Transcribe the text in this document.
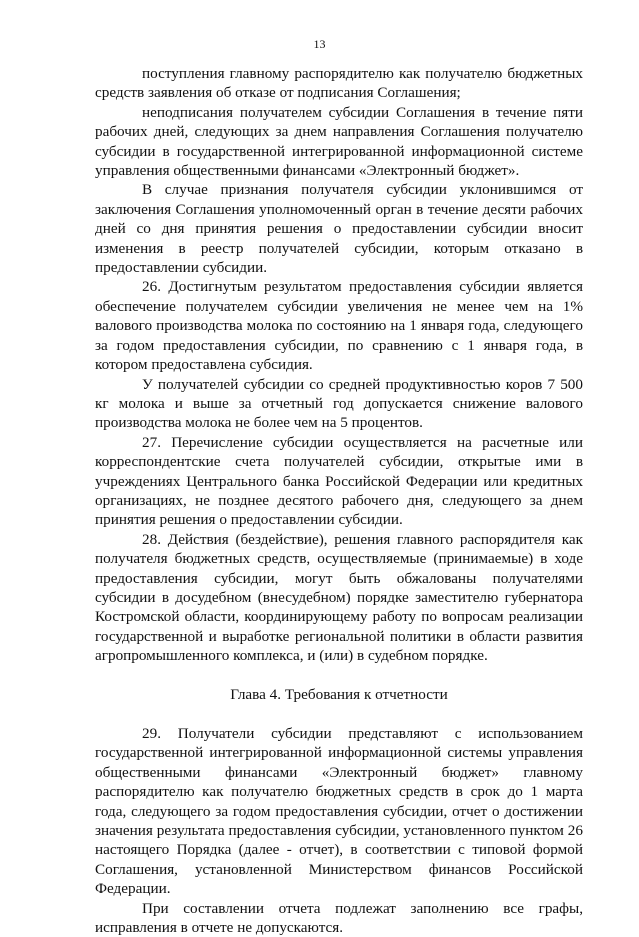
13

поступления главному распорядителю как получателю бюджетных средств заявления об отказе от подписания Соглашения;

неподписания получателем субсидии Соглашения в течение пяти рабочих дней, следующих за днем направления Соглашения получателю субсидии в государственной интегрированной информационной системе управления общественными финансами «Электронный бюджет».

В случае признания получателя субсидии уклонившимся от заключения Соглашения уполномоченный орган в течение десяти рабочих дней со дня принятия решения о предоставлении субсидии вносит изменения в реестр получателей субсидии, которым отказано в предоставлении субсидии.

26. Достигнутым результатом предоставления субсидии является обеспечение получателем субсидии увеличения не менее чем на 1% валового производства молока по состоянию на 1 января года, следующего за годом предоставления субсидии, по сравнению с 1 января года, в котором предоставлена субсидия.

У получателей субсидии со средней продуктивностью коров 7 500 кг молока и выше за отчетный год допускается снижение валового производства молока не более чем на 5 процентов.

27. Перечисление субсидии осуществляется на расчетные или корреспондентские счета получателей субсидии, открытые ими в учреждениях Центрального банка Российской Федерации или кредитных организациях, не позднее десятого рабочего дня, следующего за днем принятия решения о предоставлении субсидии.

28. Действия (бездействие), решения главного распорядителя как получателя бюджетных средств, осуществляемые (принимаемые) в ходе предоставления субсидии, могут быть обжалованы получателями субсидии в досудебном (внесудебном) порядке заместителю губернатора Костромской области, координирующему работу по вопросам реализации государственной и выработке региональной политики в области развития агропромышленного комплекса, и (или) в судебном порядке.

Глава 4. Требования к отчетности

29. Получатели субсидии представляют с использованием государственной интегрированной информационной системы управления общественными финансами «Электронный бюджет» главному распорядителю как получателю бюджетных средств в срок до 1 марта года, следующего за годом предоставления субсидии, отчет о достижении значения результата предоставления субсидии, установленного пунктом 26 настоящего Порядка (далее - отчет), в соответствии с типовой формой Соглашения, установленной Министерством финансов Российской Федерации.

При составлении отчета подлежат заполнению все графы, исправления в отчете не допускаются.
